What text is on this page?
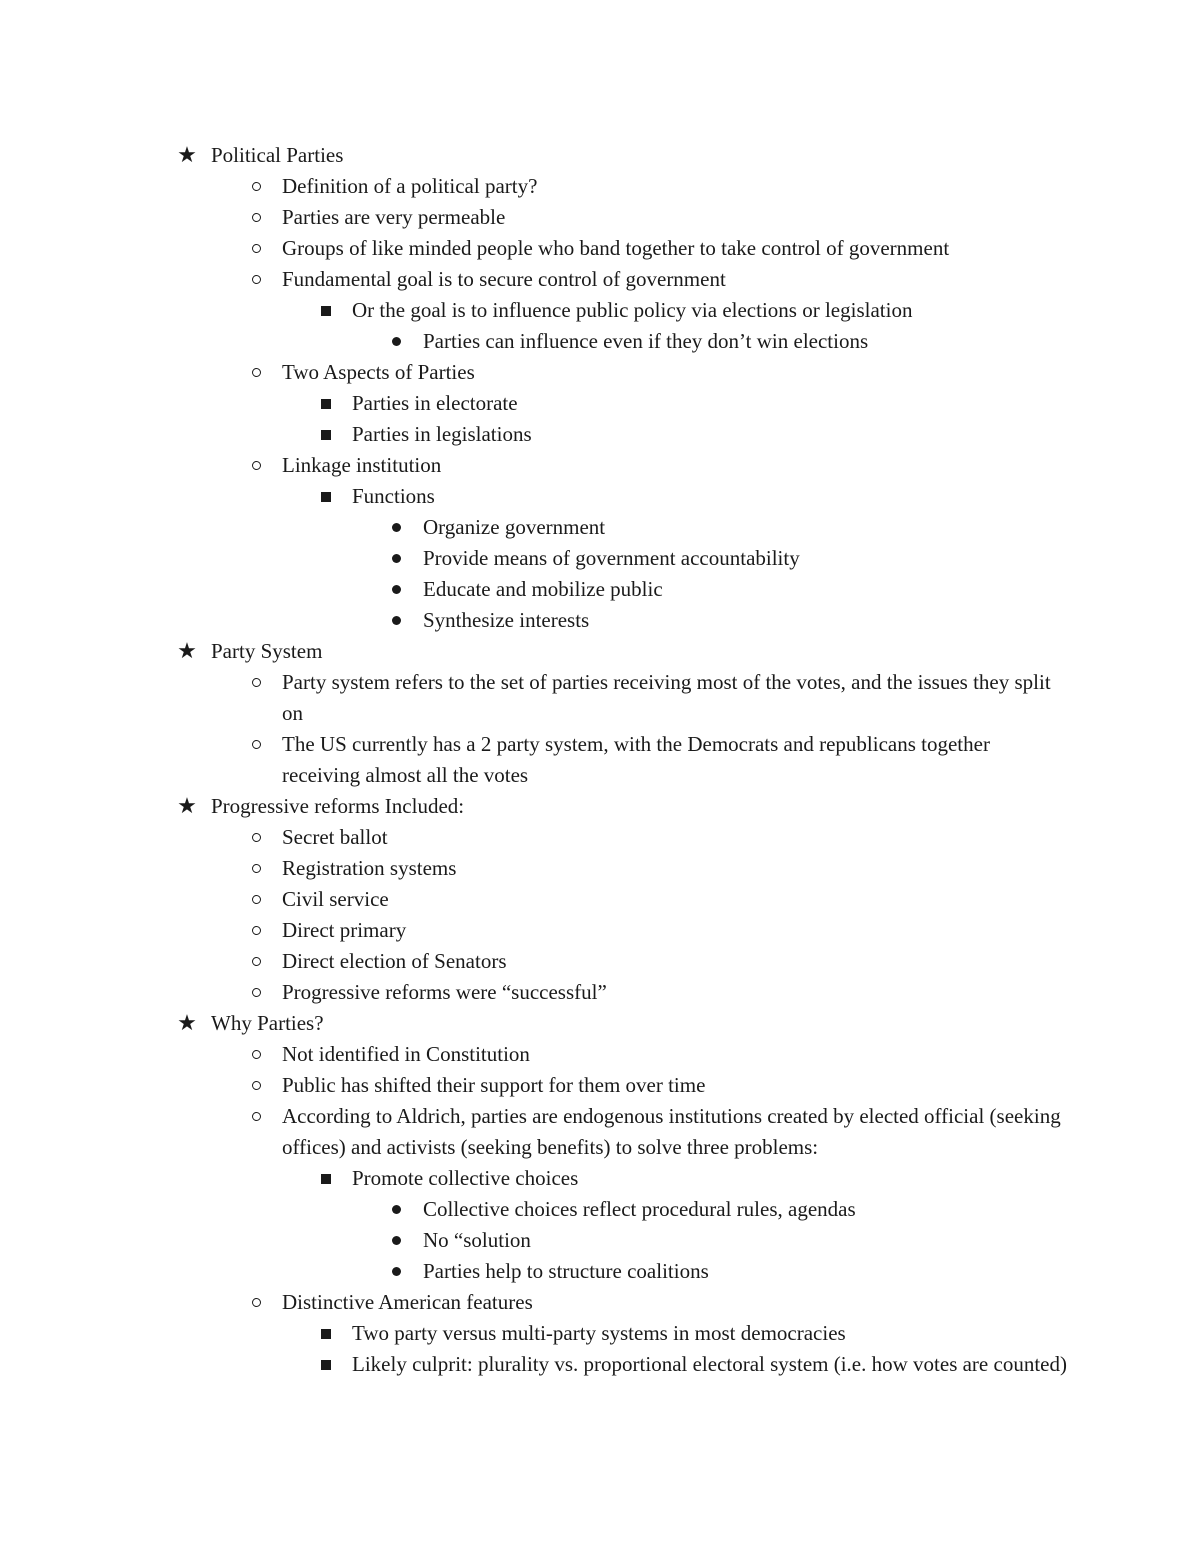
★ Political Parties
Definition of a political party?
Parties are very permeable
Groups of like minded people who band together to take control of government
Fundamental goal is to secure control of government
Or the goal is to influence public policy via elections or legislation
Parties can influence even if they don’t win elections
Two Aspects of Parties
Parties in electorate
Parties in legislations
Linkage institution
Functions
Organize government
Provide means of government accountability
Educate and mobilize public
Synthesize interests
★ Party System
Party system refers to the set of parties receiving most of the votes, and the issues they split on
The US currently has a 2 party system, with the Democrats and republicans together receiving almost all the votes
★ Progressive reforms Included:
Secret ballot
Registration systems
Civil service
Direct primary
Direct election of Senators
Progressive reforms were “successful”
★ Why Parties?
Not identified in Constitution
Public has shifted their support for them over time
According to Aldrich, parties are endogenous institutions created by elected official (seeking offices) and activists (seeking benefits) to solve three problems:
Promote collective choices
Collective choices reflect procedural rules, agendas
No “solution
Parties help to structure coalitions
Distinctive American features
Two party versus multi-party systems in most democracies
Likely culprit: plurality vs. proportional electoral system (i.e. how votes are counted)
